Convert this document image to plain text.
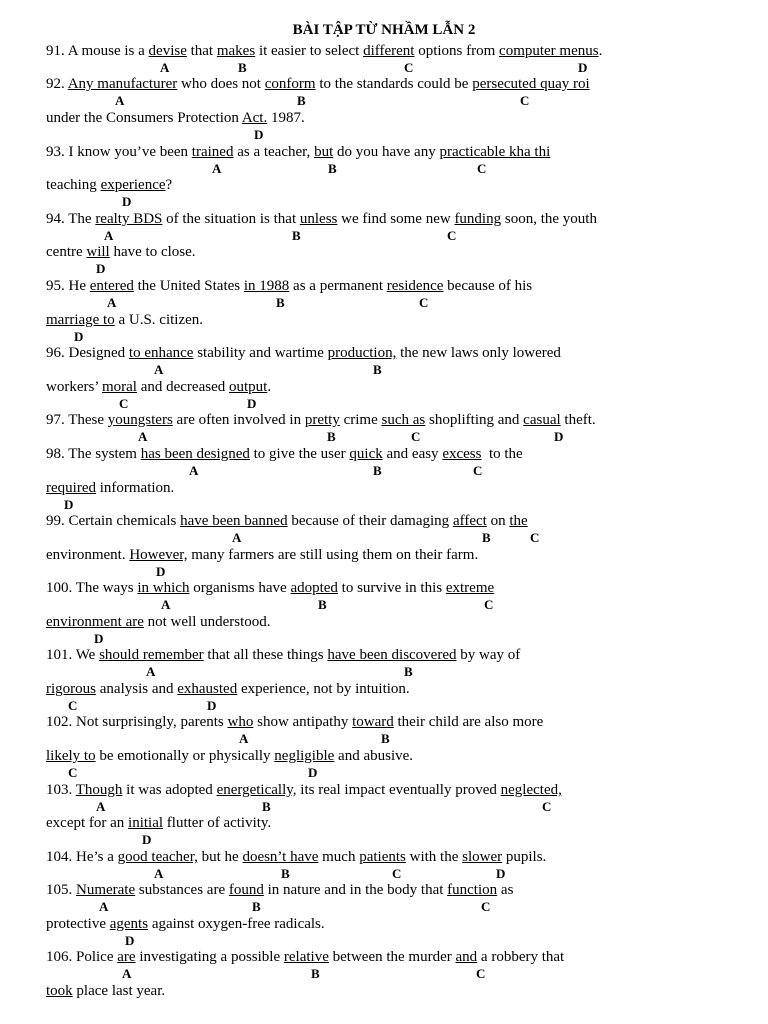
BÀI TẬP TỪ NHẦM LẪN 2
91. A mouse is a devise that makes it easier to select different options from computer menus.
A	B	C	D
92. Any manufacturer who does not conform to the standards could be persecuted quay roi
A	B	C
under the Consumers Protection Act. 1987.
D
93. I know you’ve been trained as a teacher, but do you have any practicable kha thi
A	B	C
teaching experience?
D
94. The realty BDS of the situation is that unless we find some new funding soon, the youth
A	B	C
centre will have to close.
D
95. He entered the United States in 1988 as a permanent residence because of his
A	B	C
marriage to a U.S. citizen.
D
96. Designed to enhance stability and wartime production, the new laws only lowered
A	B
workers’ moral and decreased output.
C	D
97. These youngsters are often involved in pretty crime such as shoplifting and casual theft.
A	B	C	D
98. The system has been designed to give the user quick and easy excess  to the
A	B	C
required information.
D
99. Certain chemicals have been banned because of their damaging affect on the
A	B	C
environment. However, many farmers are still using them on their farm.
D
100. The ways in which organisms have adopted to survive in this extreme
A	B	C
environment are not well understood.
D
101. We should remember that all these things have been discovered by way of
A	B
rigorous analysis and exhausted experience, not by intuition.
C	D
102. Not surprisingly, parents who show antipathy toward their child are also more
A	B
likely to be emotionally or physically negligible and abusive.
C	D
103. Though it was adopted energetically, its real impact eventually proved neglected,
A	B	C
except for an initial flutter of activity.
D
104. He’s a good teacher, but he doesn’t have much patients with the slower pupils.
A	B	C	D
105. Numerate substances are found in nature and in the body that function as
A	B	C
protective agents against oxygen-free radicals.
D
106. Police are investigating a possible relative between the murder and a robbery that
A	B	C
took place last year.
